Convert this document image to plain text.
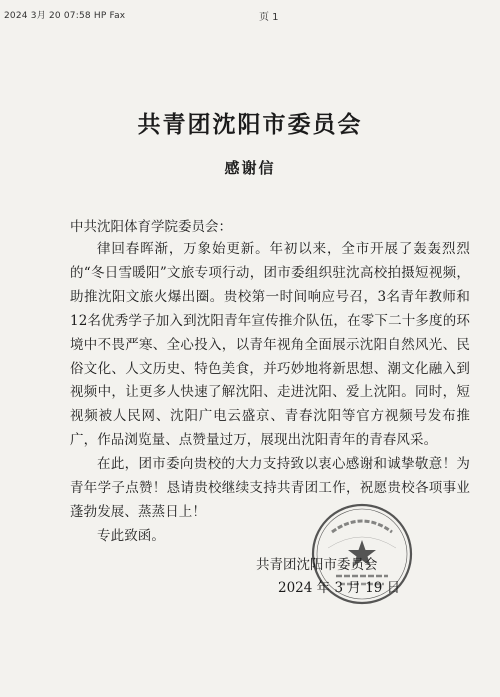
2024 3月 20 07:58 HP Fax	页 1
共青团沈阳市委员会
感谢信
中共沈阳体育学院委员会：

律回春晖渐，万象始更新。年初以来，全市开展了轰轰烈烈的“冬日雪暖阳”文旅专项行动，团市委组织驻沈高校拍摄短视频，助推沈阳文旅火爆出圈。贵校第一时间响应号召，3名青年教师和12名优秀学子加入到沈阳青年宣传推介队伍，在零下二十多度的环境中不畏严寒、全心投入，以青年视角全面展示沈阳自然风光、民俗文化、人文历史、特色美食，并巧妙地将新思想、潮文化融入到视频中，让更多人快速了解沈阳、走进沈阳、爱上沈阳。同时，短视频被人民网、沈阳广电云盛京、青春沈阳等官方视频号发布推广，作品浏览量、点赞量过万，展现出沈阳青年的青春风采。

在此，团市委向贵校的大力支持致以衷心感谢和诚挚敬意！为青年学子点赞！恳请贵校继续支持共青团工作，祝愿贵校各项事业蓬勃发展、蒸蒸日上！

专此致函。

共青团沈阳市委员会
2024 年 3 月 19 日
